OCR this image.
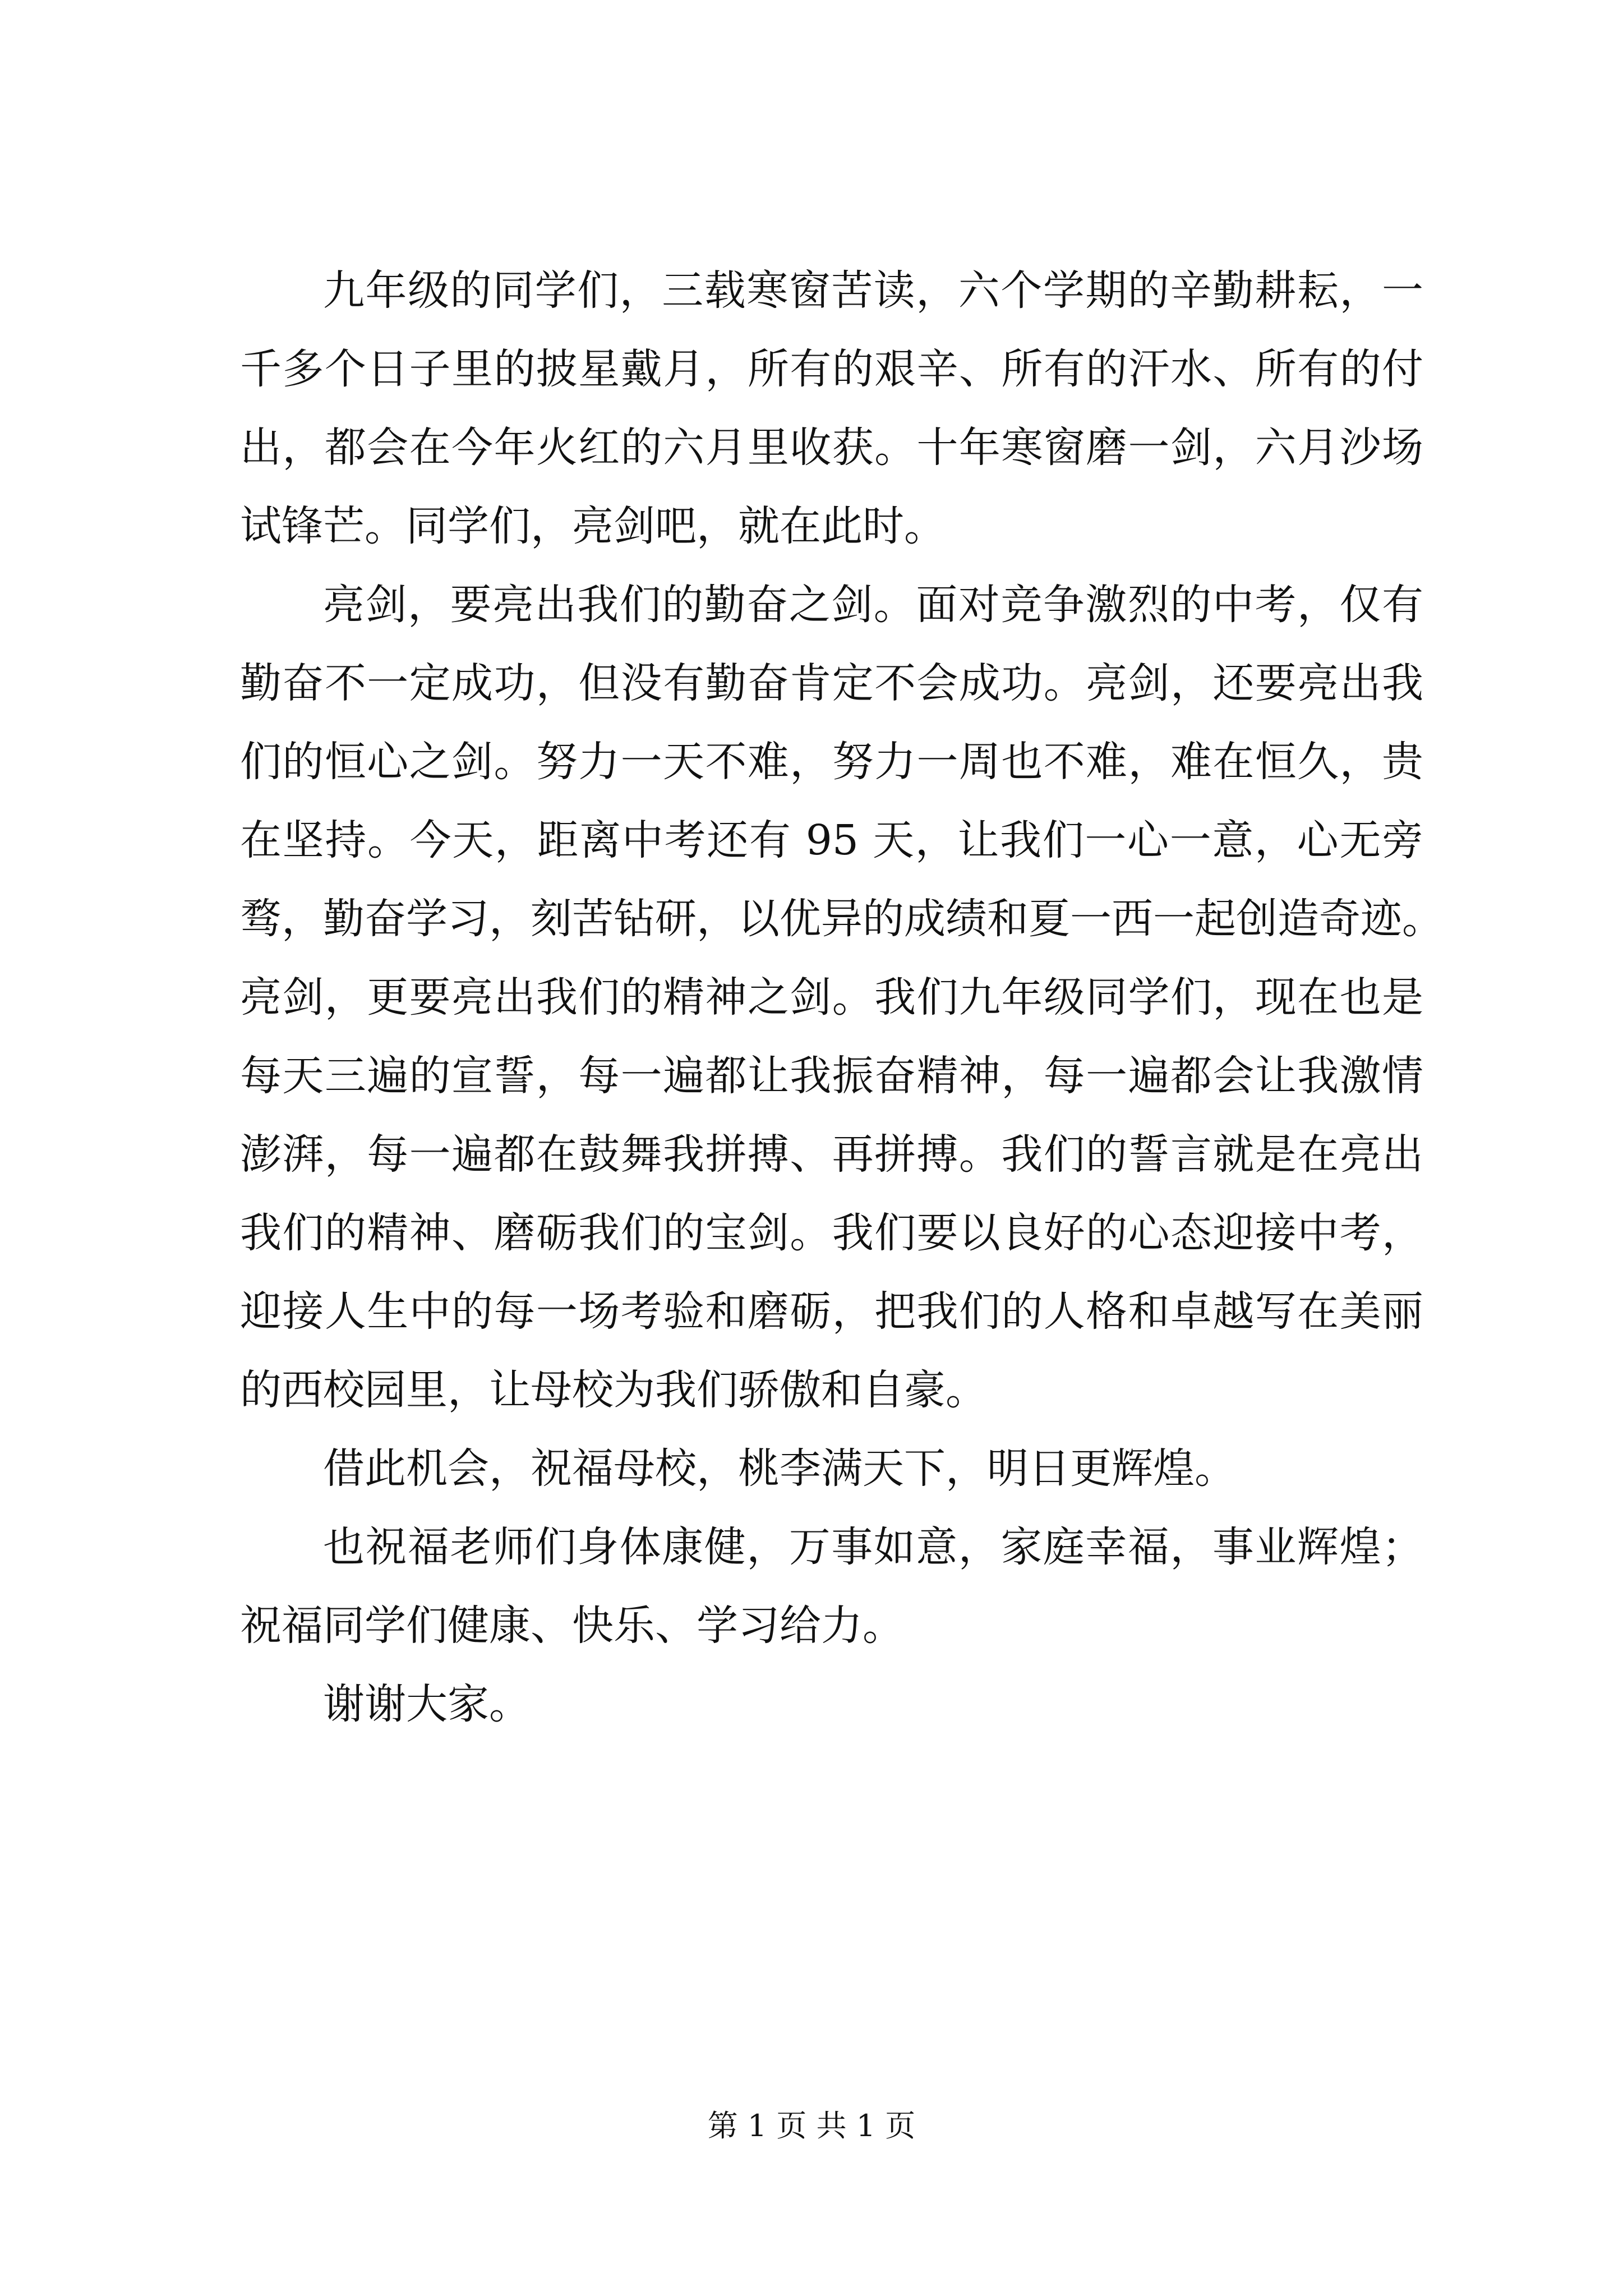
九年级的同学们，三载寒窗苦读，六个学期的辛勤耕耘，一
千多个日子里的披星戴月，所有的艰辛、所有的汗水、所有的付
出，都会在今年火红的六月里收获。十年寒窗磨一剑，六月沙场
试锋芒。同学们，亮剑吧，就在此时。
亮剑，要亮出我们的勤奋之剑。面对竞争激烈的中考，仅有
勤奋不一定成功，但没有勤奋肯定不会成功。亮剑，还要亮出我
们的恒心之剑。努力一天不难，努力一周也不难，难在恒久，贵
在坚持。今天，距离中考还有 95 天，让我们一心一意，心无旁
骛，勤奋学习，刻苦钻研，以优异的成绩和夏一西一起创造奇迹。
亮剑，更要亮出我们的精神之剑。我们九年级同学们，现在也是
每天三遍的宣誓，每一遍都让我振奋精神，每一遍都会让我激情
澎湃，每一遍都在鼓舞我拼搏、再拼搏。我们的誓言就是在亮出
我们的精神、磨砺我们的宝剑。我们要以良好的心态迎接中考，
迎接人生中的每一场考验和磨砺，把我们的人格和卓越写在美丽
的西校园里，让母校为我们骄傲和自豪。
借此机会，祝福母校，桃李满天下，明日更辉煌。
也祝福老师们身体康健，万事如意，家庭幸福，事业辉煌；
祝福同学们健康、快乐、学习给力。
谢谢大家。
第 1 页 共 1 页
